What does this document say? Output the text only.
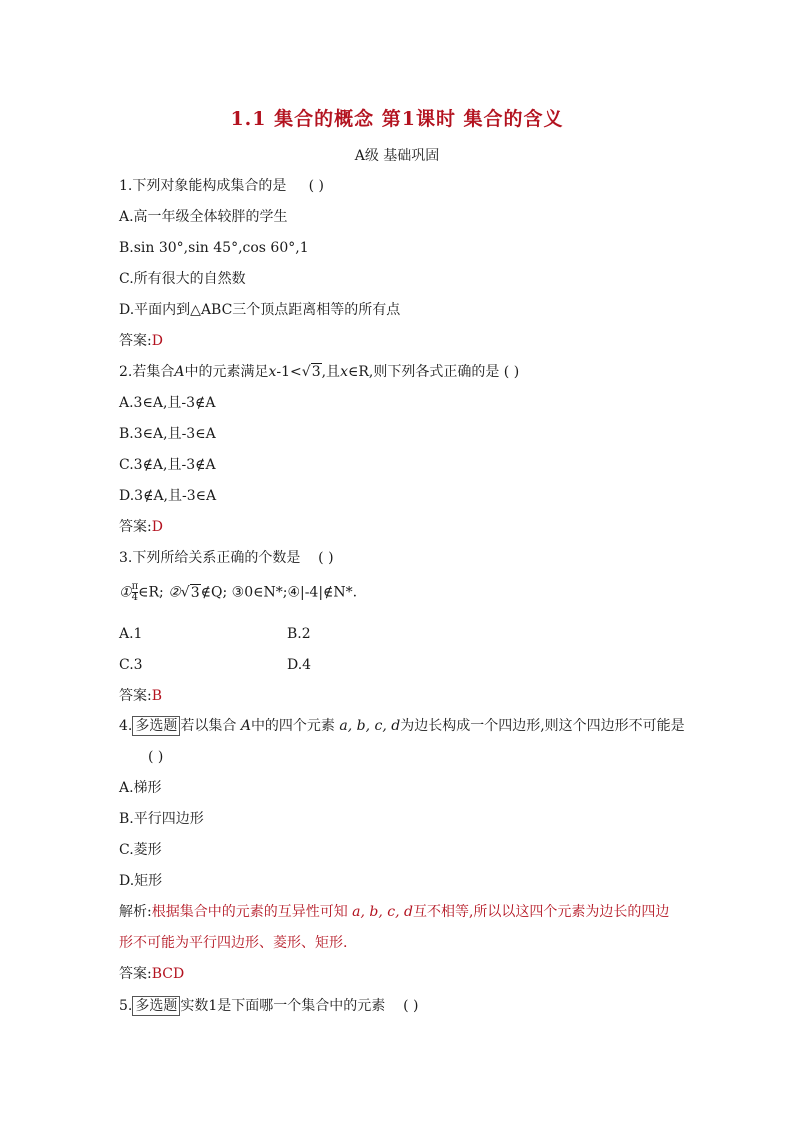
1.1 集合的概念 第1课时 集合的含义
A级 基础巩固
1.下列对象能构成集合的是 ( )
A.高一年级全体较胖的学生
B.sin 30°,sin 45°,cos 60°,1
C.所有很大的自然数
D.平面内到△ABC三个顶点距离相等的所有点
答案:D
2.若集合A中的元素满足x-1<√3,且x∈R,则下列各式正确的是 ( )
A.3∈A,且-3∉A
B.3∈A,且-3∈A
C.3∉A,且-3∉A
D.3∉A,且-3∈A
答案:D
3.下列所给关系正确的个数是 ( )
① $\frac{\pi}{4}$ ∈R; ②√3∉Q; ③0∈N*;④|-4|∉N*.
A.1	B.2
C.3	D.4
答案:B
4. 多选题 若以集合 A中的四个元素 a, b, c, d为边长构成一个四边形,则这个四边形不可能是
( )
A.梯形
B.平行四边形
C.菱形
D.矩形
解析:根据集合中的元素的互异性可知 a, b, c, d互不相等,所以以这四个元素为边长的四边
形不可能为平行四边形、菱形、矩形.
答案:BCD
5. 多选题 实数1是下面哪一个集合中的元素 ( )
